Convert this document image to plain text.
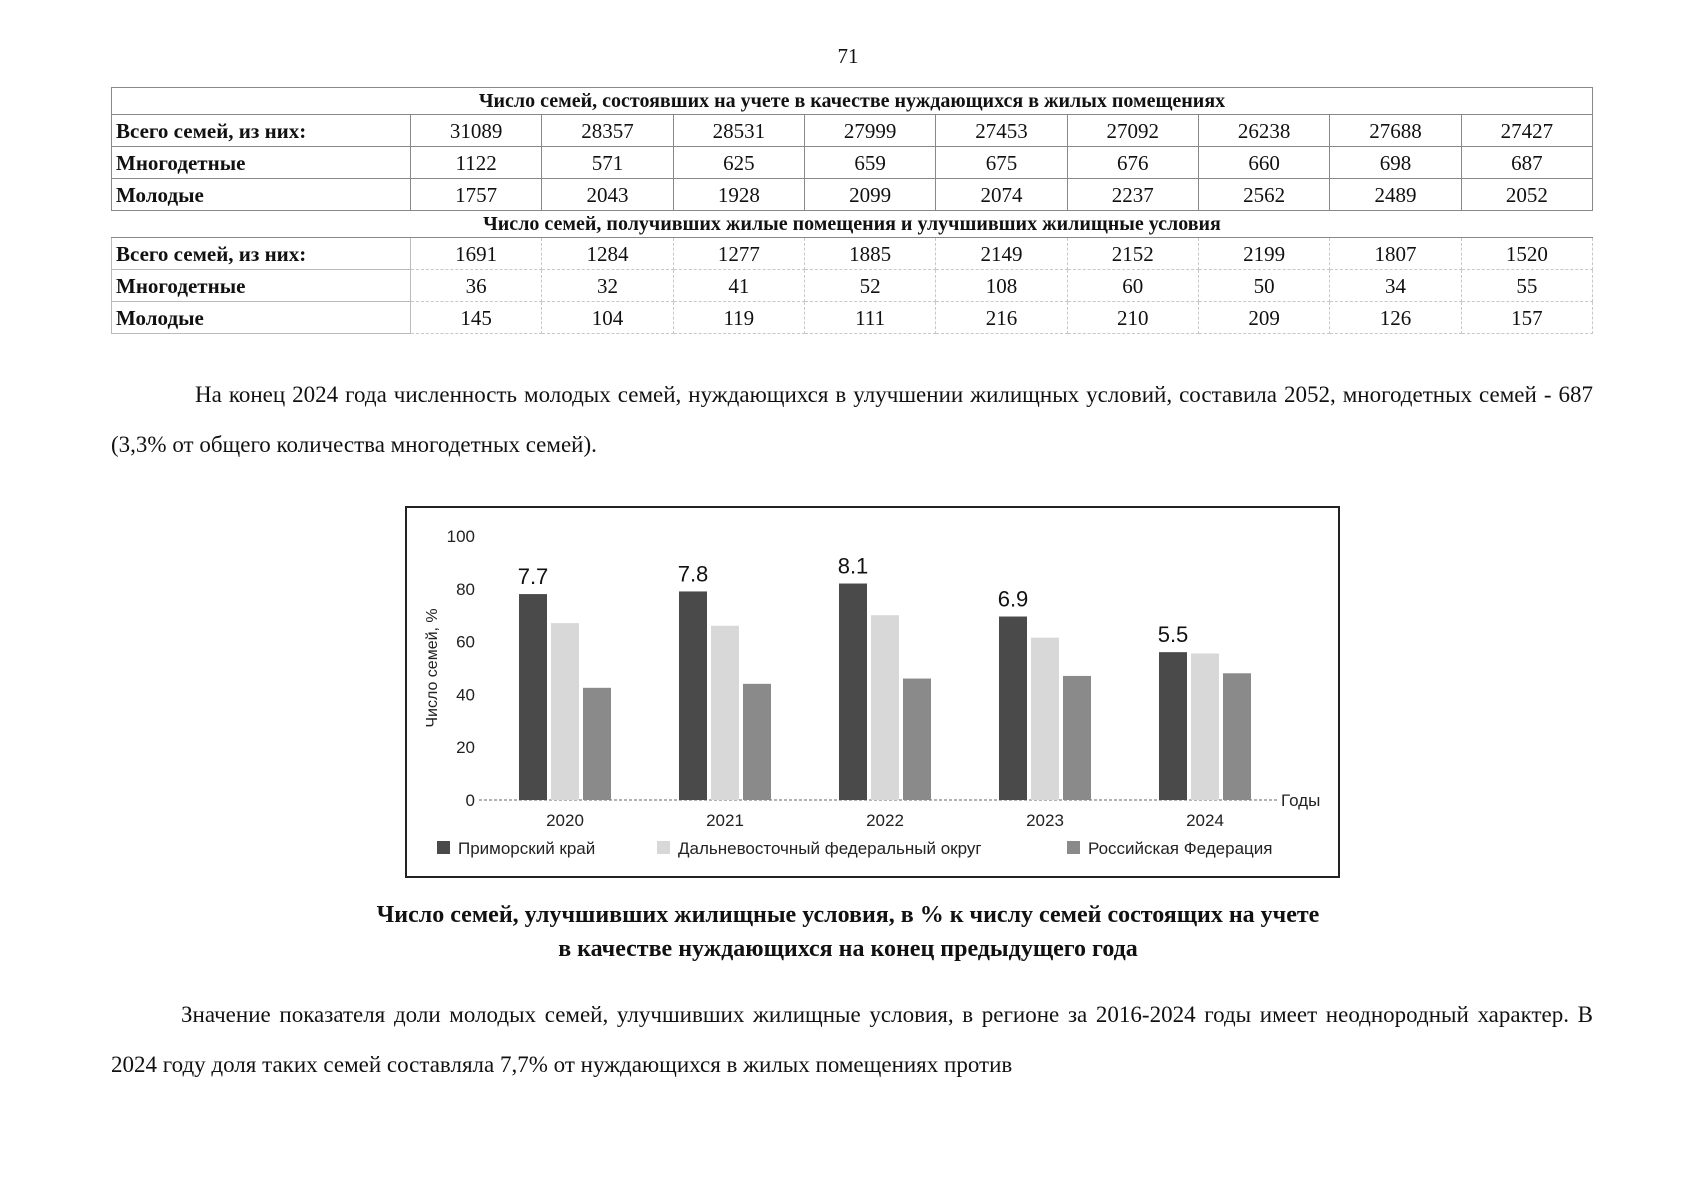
71
Число семей, состоявших на учете в качестве нуждающихся в жилых помещениях									
Всего семей, из них:	31089	28357	28531	27999	27453	27092	26238	27688	27427
Многодетные	1122	571	625	659	675	676	660	698	687
Молодые	1757	2043	1928	2099	2074	2237	2562	2489	2052
Число семей, получивших жилые помещения и улучшивших жилищные условия									
Всего семей, из них:	1691	1284	1277	1885	2149	2152	2199	1807	1520
Многодетные	36	32	41	52	108	60	50	34	55
Молодые	145	104	119	111	216	210	209	126	157
На конец 2024 года численность молодых семей, нуждающихся в улучшении жилищных условий, составила 2052, многодетных семей - 687 (3,3% от общего количества многодетных семей).
0
20
40
60
80
100
Число семей, %
Годы
2020
7.7
2021
7.8
2022
8.1
2023
6.9
2024
5.5
Приморский край	Дальневосточный федеральный округ	Российская Федерация
Число семей, улучшивших жилищные условия, в % к числу семей состоящих на учете
в качестве нуждающихся на конец предыдущего года
Значение показателя доли молодых семей, улучшивших жилищные условия, в регионе за 2016-2024 годы имеет неоднородный характер. В 2024 году доля таких семей составляла 7,7% от нуждающихся в жилых помещениях против
